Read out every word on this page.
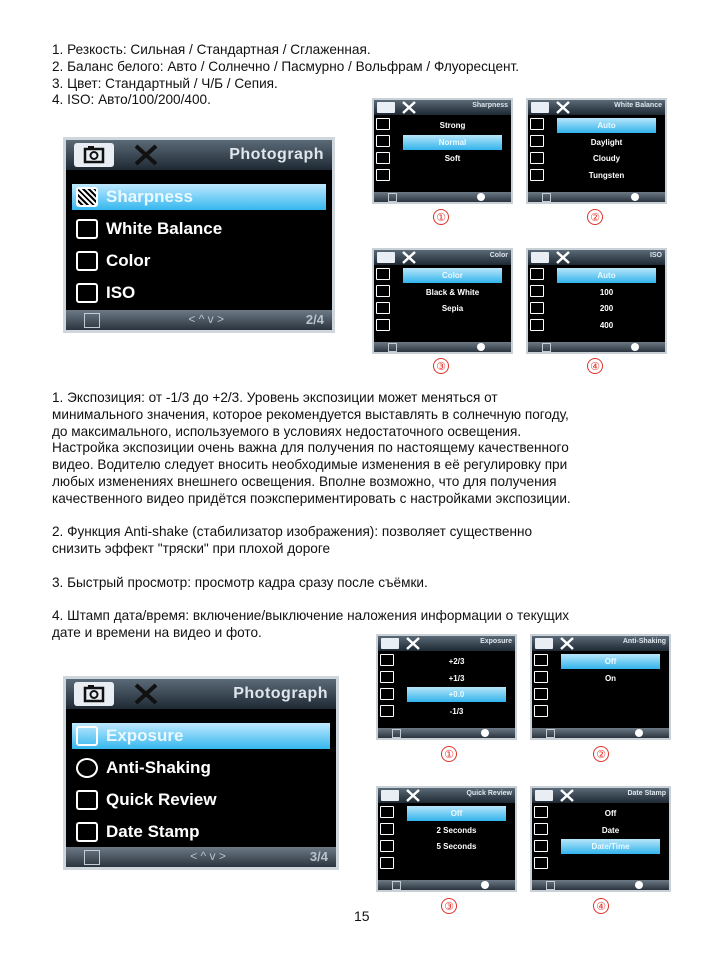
1. Резкость: Сильная / Стандартная / Сглаженная.
2. Баланс белого: Авто / Солнечно / Пасмурно / Вольфрам / Флуоресцент.
3. Цвет: Стандартный / Ч/Б / Сепия.
4. ISO: Авто/100/200/400.
Photograph
Sharpness
White Balance
Color
ISO
< ^ v >	2/4
Sharpness
Strong
Normal
Soft
①
White Balance
Auto
Daylight
Cloudy
Tungsten
②
Color
Color
Black & White
Sepia
③
ISO
Auto
100
200
400
④
1. Экспозиция: от -1/3 до +2/3. Уровень экспозиции может меняться от
минимального значения, которое рекомендуется выставлять в солнечную погоду,
до максимального, используемого в условиях недостаточного освещения.
Настройка экспозиции очень важна для получения по настоящему качественного
видео. Водителю следует вносить необходимые изменения в её регулировку при
любых изменениях внешнего освещения. Вполне возможно, что для получения
качественного видео придётся поэкспериментировать с настройками экспозиции.

2. Функция Anti-shake (стабилизатор изображения): позволяет существенно
снизить эффект "тряски" при плохой дороге

3. Быстрый просмотр: просмотр кадра сразу после съёмки.

4. Штамп дата/время: включение/выключение наложения информации о текущих
дате и времени на видео и фото.
Photograph
Exposure
Anti-Shaking
Quick Review
Date Stamp
< ^ v >	3/4
Exposure
+2/3
+1/3
+0.0
-1/3
①
Anti-Shaking
Off
On
②
Quick Review
Off
2 Seconds
5 Seconds
③
Date Stamp
Off
Date
Date/Time
④
15
